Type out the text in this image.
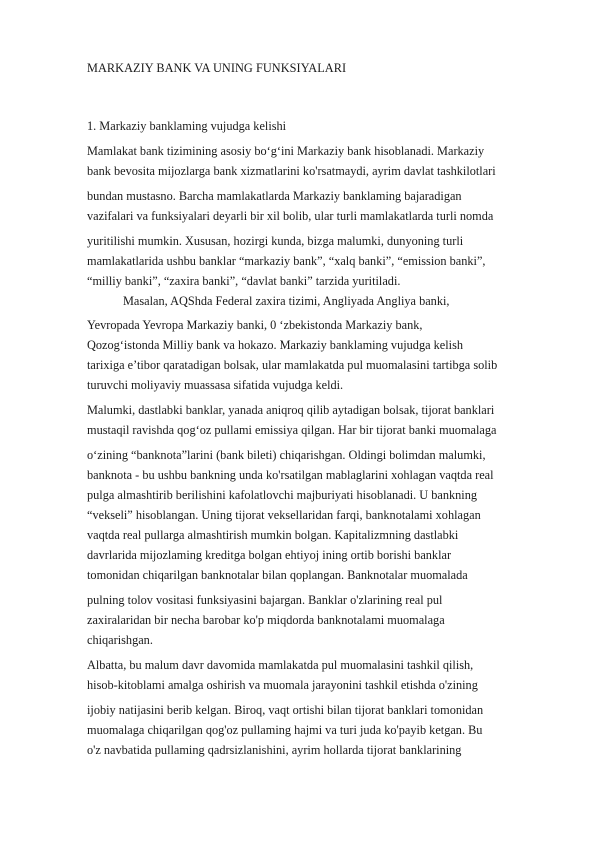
MARKAZIY BANK VA UNING FUNKSIYALARI
1. Markaziy banklaming vujudga kelishi
Mamlakat bank tizimining asosiy bo‘g‘ini Markaziy bank hisoblanadi. Markaziy
bank bevosita mijozlarga bank xizmatlarini ko'rsatmaydi, ayrim davlat tashkilotlari
bundan mustasno. Barcha mamlakatlarda Markaziy banklaming bajaradigan
vazifalari va funksiyalari deyarli bir xil bolib, ular turli mamlakatlarda turli nomda
yuritilishi mumkin. Xususan, hozirgi kunda, bizga malumki, dunyoning turli
mamlakatlarida ushbu banklar “markaziy bank”, “xalq banki”, “emission banki”,
“milliy banki”, “zaxira banki”, “davlat banki” tarzida yuritiladi.
Masalan, AQShda Federal zaxira tizimi, Angliyada Angliya banki,
Yevropada Yevropa Markaziy banki, 0 ‘zbekistonda Markaziy bank,
Qozog‘istonda Milliy bank va hokazo. Markaziy banklaming vujudga kelish
tarixiga e’tibor qaratadigan bolsak, ular mamlakatda pul muomalasini tartibga solib
turuvchi moliyaviy muassasa sifatida vujudga keldi.
Malumki, dastlabki banklar, yanada aniqroq qilib aytadigan bolsak, tijorat banklari
mustaqil ravishda qog‘oz pullami emissiya qilgan. Har bir tijorat banki muomalaga
o‘zining “banknota”larini (bank bileti) chiqarishgan. Oldingi bolimdan malumki,
banknota - bu ushbu bankning unda ko'rsatilgan mablaglarini xohlagan vaqtda real
pulga almashtirib berilishini kafolatlovchi majburiyati hisoblanadi. U bankning
“vekseli” hisoblangan. Uning tijorat veksellaridan farqi, banknotalami xohlagan
vaqtda real pullarga almashtirish mumkin bolgan. Kapitalizmning dastlabki
davrlarida mijozlaming kreditga bolgan ehtiyoj ining ortib borishi banklar
tomonidan chiqarilgan banknotalar bilan qoplangan. Banknotalar muomalada
pulning tolov vositasi funksiyasini bajargan. Banklar o'zlarining real pul
zaxiralaridan bir necha barobar ko'p miqdorda banknotalami muomalaga
chiqarishgan.
Albatta, bu malum davr davomida mamlakatda pul muomalasini tashkil qilish,
hisob-kitoblami amalga oshirish va muomala jarayonini tashkil etishda o'zining
ijobiy natijasini berib kelgan. Biroq, vaqt ortishi bilan tijorat banklari tomonidan
muomalaga chiqarilgan qog'oz pullaming hajmi va turi juda ko'payib ketgan. Bu
o'z navbatida pullaming qadrsizlanishini, ayrim hollarda tijorat banklarining
